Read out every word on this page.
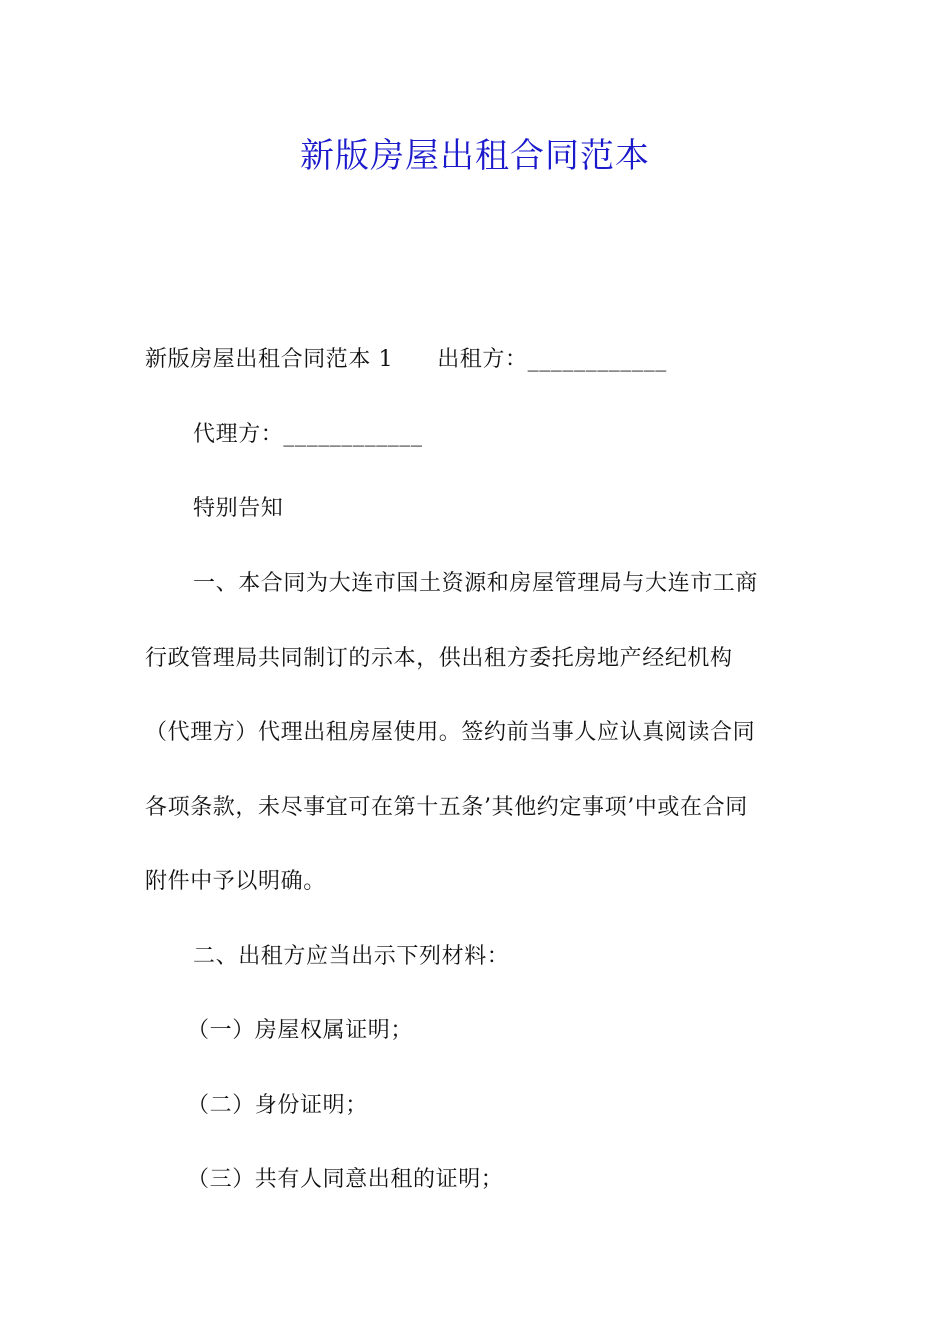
新版房屋出租合同范本
新版房屋出租合同范本 1 出租方：____________
代理方：____________
特别告知
一、本合同为大连市国土资源和房屋管理局与大连市工商
行政管理局共同制订的示本，供出租方委托房地产经纪机构
（代理方）代理出租房屋使用。签约前当事人应认真阅读合同
各项条款，未尽事宜可在第十五条’其他约定事项’中或在合同
附件中予以明确。
二、出租方应当出示下列材料：
（一）房屋权属证明；
（二）身份证明；
（三）共有人同意出租的证明；
